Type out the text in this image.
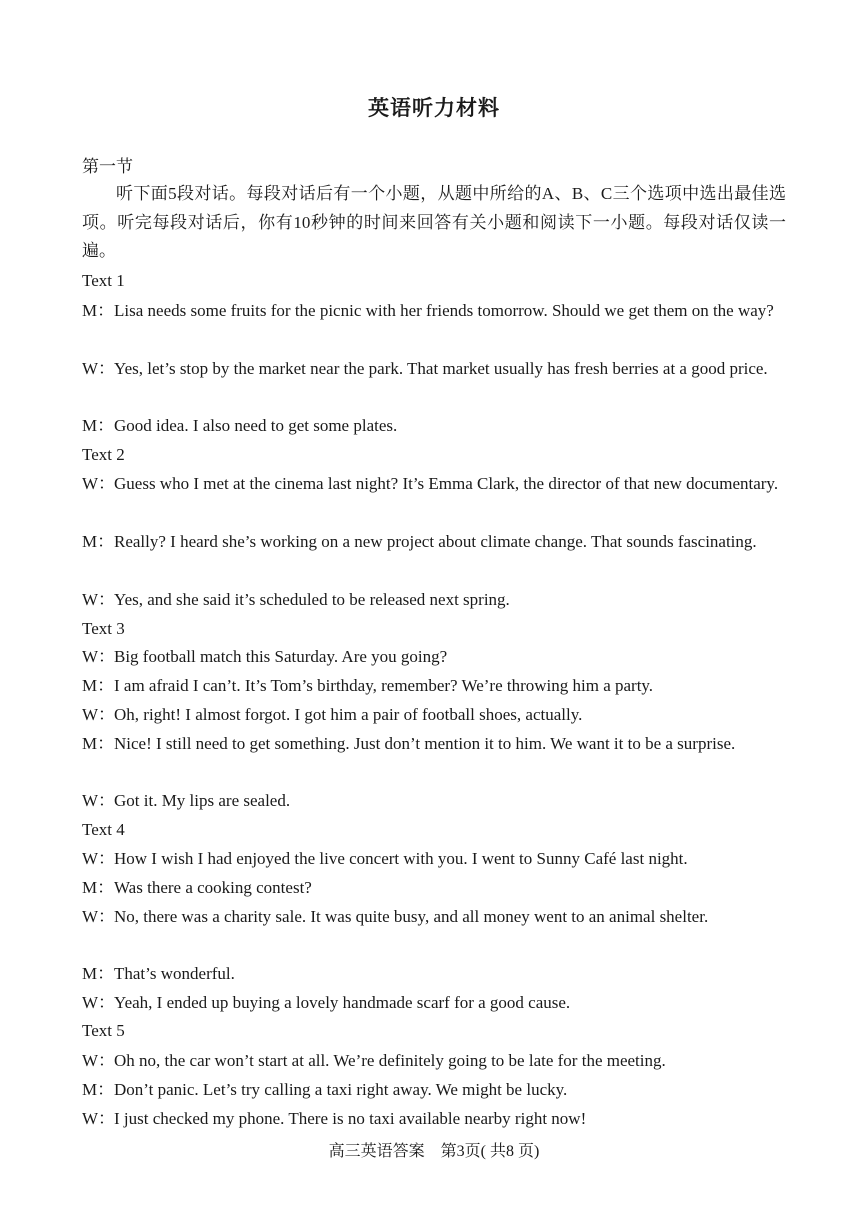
英语听力材料
第一节
听下面5段对话。每段对话后有一个小题，从题中所给的A、B、C三个选项中选出最佳选项。听完每段对话后，你有10秒钟的时间来回答有关小题和阅读下一小题。每段对话仅读一遍。
Text 1
M：Lisa needs some fruits for the picnic with her friends tomorrow. Should we get them on the way?
W：Yes, let’s stop by the market near the park. That market usually has fresh berries at a good price.
M：Good idea. I also need to get some plates.
Text 2
W：Guess who I met at the cinema last night? It’s Emma Clark, the director of that new documentary.
M：Really? I heard she’s working on a new project about climate change. That sounds fascinating.
W：Yes, and she said it’s scheduled to be released next spring.
Text 3
W：Big football match this Saturday. Are you going?
M：I am afraid I can’t. It’s Tom’s birthday, remember? We’re throwing him a party.
W：Oh, right! I almost forgot. I got him a pair of football shoes, actually.
M：Nice! I still need to get something. Just don’t mention it to him. We want it to be a surprise.
W：Got it. My lips are sealed.
Text 4
W：How I wish I had enjoyed the live concert with you. I went to Sunny Café last night.
M：Was there a cooking contest?
W：No, there was a charity sale. It was quite busy, and all money went to an animal shelter.
M：That’s wonderful.
W：Yeah, I ended up buying a lovely handmade scarf for a good cause.
Text 5
W：Oh no, the car won’t start at all. We’re definitely going to be late for the meeting.
M：Don’t panic. Let’s try calling a taxi right away. We might be lucky.
W：I just checked my phone. There is no taxi available nearby right now!
高三英语答案　第3页( 共8 页)
